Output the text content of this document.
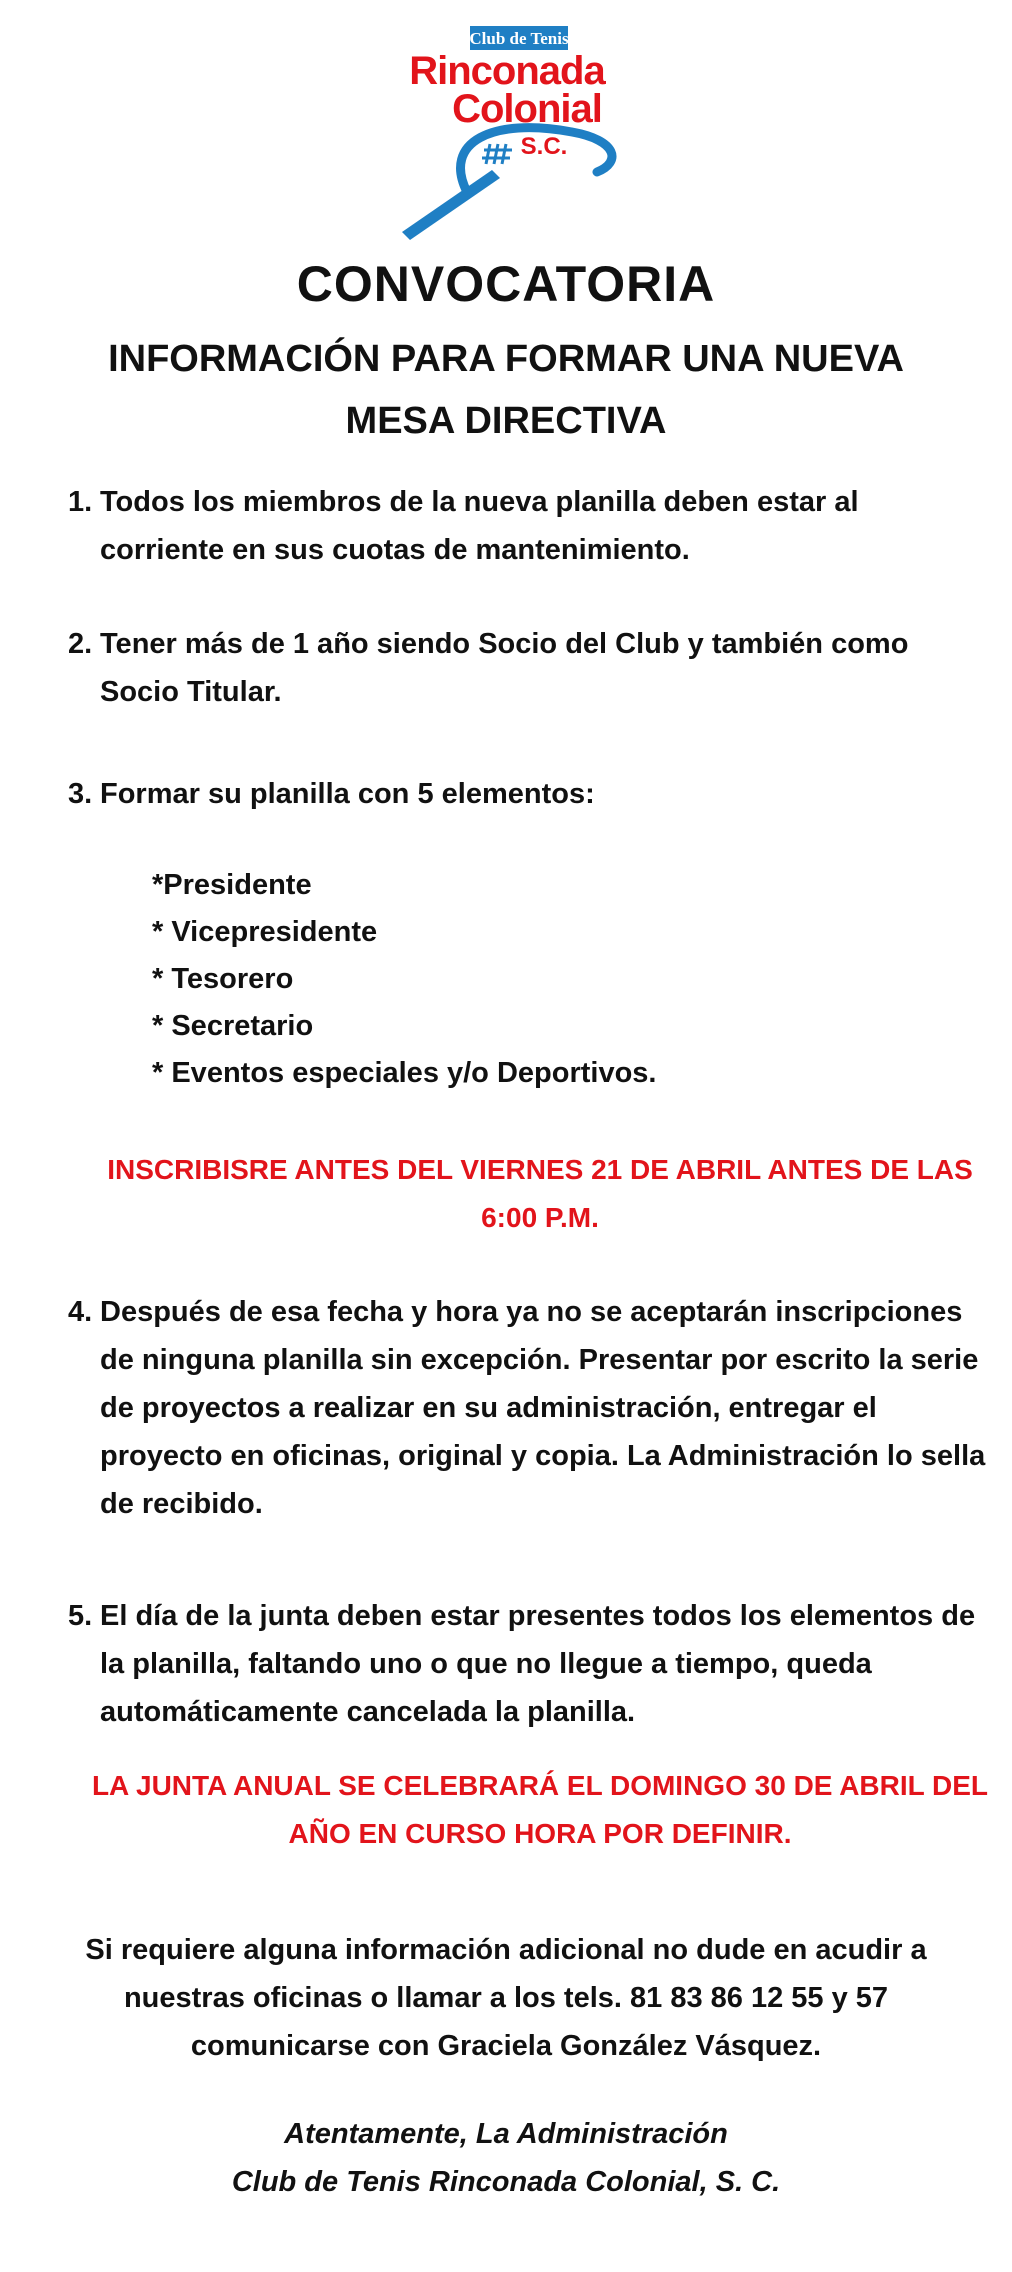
Club de Tenis
Rinconada
Colonial
S.C.
CONVOCATORIA
INFORMACIÓN PARA FORMAR UNA NUEVA
MESA DIRECTIVA
1. Todos los miembros de la nueva planilla deben estar al
corriente en sus cuotas de mantenimiento.
2. Tener más de 1 año siendo Socio del Club y también como
Socio Titular.
3. Formar su planilla con 5 elementos:
*Presidente
* Vicepresidente
* Tesorero
* Secretario
* Eventos especiales y/o Deportivos.
INSCRIBISRE ANTES DEL VIERNES 21 DE ABRIL ANTES DE LAS
6:00 P.M.
4. Después de esa fecha y hora ya no se aceptarán inscripciones
de ninguna planilla sin excepción. Presentar por escrito la serie
de proyectos a realizar en su administración, entregar el
proyecto en oficinas, original y copia. La Administración lo sella
de recibido.
5. El día de la junta deben estar presentes todos los elementos de
la planilla, faltando uno o que no llegue a tiempo, queda
automáticamente cancelada la planilla.
LA JUNTA ANUAL SE CELEBRARÁ EL DOMINGO 30 DE ABRIL DEL
AÑO EN CURSO HORA POR DEFINIR.
Si requiere alguna información adicional no dude en acudir a
nuestras oficinas o llamar a los tels. 81 83 86 12 55 y 57
comunicarse con Graciela González Vásquez.
Atentamente, La Administración
Club de Tenis Rinconada Colonial, S. C.
